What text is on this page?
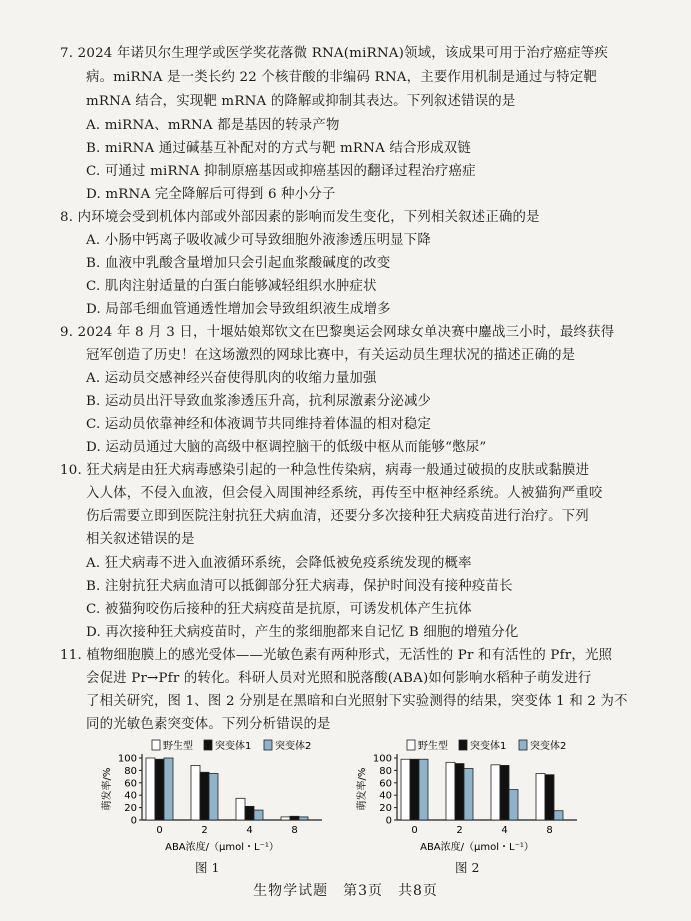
7. 2024 年诺贝尔生理学或医学奖花落微 RNA(miRNA)领域，该成果可用于治疗癌症等疾
病。miRNA 是一类长约 22 个核苷酸的非编码 RNA，主要作用机制是通过与特定靶
mRNA 结合，实现靶 mRNA 的降解或抑制其表达。下列叙述错误的是
A. miRNA、mRNA 都是基因的转录产物
B. miRNA 通过碱基互补配对的方式与靶 mRNA 结合形成双链
C. 可通过 miRNA 抑制原癌基因或抑癌基因的翻译过程治疗癌症
D. mRNA 完全降解后可得到 6 种小分子
8. 内环境会受到机体内部或外部因素的影响而发生变化，下列相关叙述正确的是
A. 小肠中钙离子吸收减少可导致细胞外液渗透压明显下降
B. 血液中乳酸含量增加只会引起血浆酸碱度的改变
C. 肌肉注射适量的白蛋白能够减轻组织水肿症状
D. 局部毛细血管通透性增加会导致组织液生成增多
9. 2024 年 8 月 3 日，十堰姑娘郑钦文在巴黎奥运会网球女单决赛中鏖战三小时，最终获得
冠军创造了历史！在这场激烈的网球比赛中，有关运动员生理状况的描述正确的是
A. 运动员交感神经兴奋使得肌肉的收缩力量加强
B. 运动员出汗导致血浆渗透压升高，抗利尿激素分泌减少
C. 运动员依靠神经和体液调节共同维持着体温的相对稳定
D. 运动员通过大脑的高级中枢调控脑干的低级中枢从而能够“憋尿”
10. 狂犬病是由狂犬病毒感染引起的一种急性传染病，病毒一般通过破损的皮肤或黏膜进
入人体，不侵入血液，但会侵入周围神经系统，再传至中枢神经系统。人被猫狗严重咬
伤后需要立即到医院注射抗狂犬病血清，还要分多次接种狂犬病疫苗进行治疗。下列
相关叙述错误的是
A. 狂犬病毒不进入血液循环系统，会降低被免疫系统发现的概率
B. 注射抗狂犬病血清可以抵御部分狂犬病毒，保护时间没有接种疫苗长
C. 被猫狗咬伤后接种的狂犬病疫苗是抗原，可诱发机体产生抗体
D. 再次接种狂犬病疫苗时，产生的浆细胞都来自记忆 B 细胞的增殖分化
11. 植物细胞膜上的感光受体——光敏色素有两种形式，无活性的 Pr 和有活性的 Pfr，光照
会促进 Pr→Pfr 的转化。科研人员对光照和脱落酸(ABA)如何影响水稻种子萌发进行
了相关研究，图 1、图 2 分别是在黑暗和白光照射下实验测得的结果，突变体 1 和 2 为不
同的光敏色素突变体。下列分析错误的是
萌发率/%
0
20
40
60
80
100
野生型 突变体1 突变体2
0	2	4	8
ABA浓度/（μmol・L⁻¹）
图 1
萌发率/%
0
20
40
60
80
100
野生型 突变体1 突变体2
0	2	4	8
ABA浓度/（μmol・L⁻¹）
图 2
生物学试题　第3页　共8页
